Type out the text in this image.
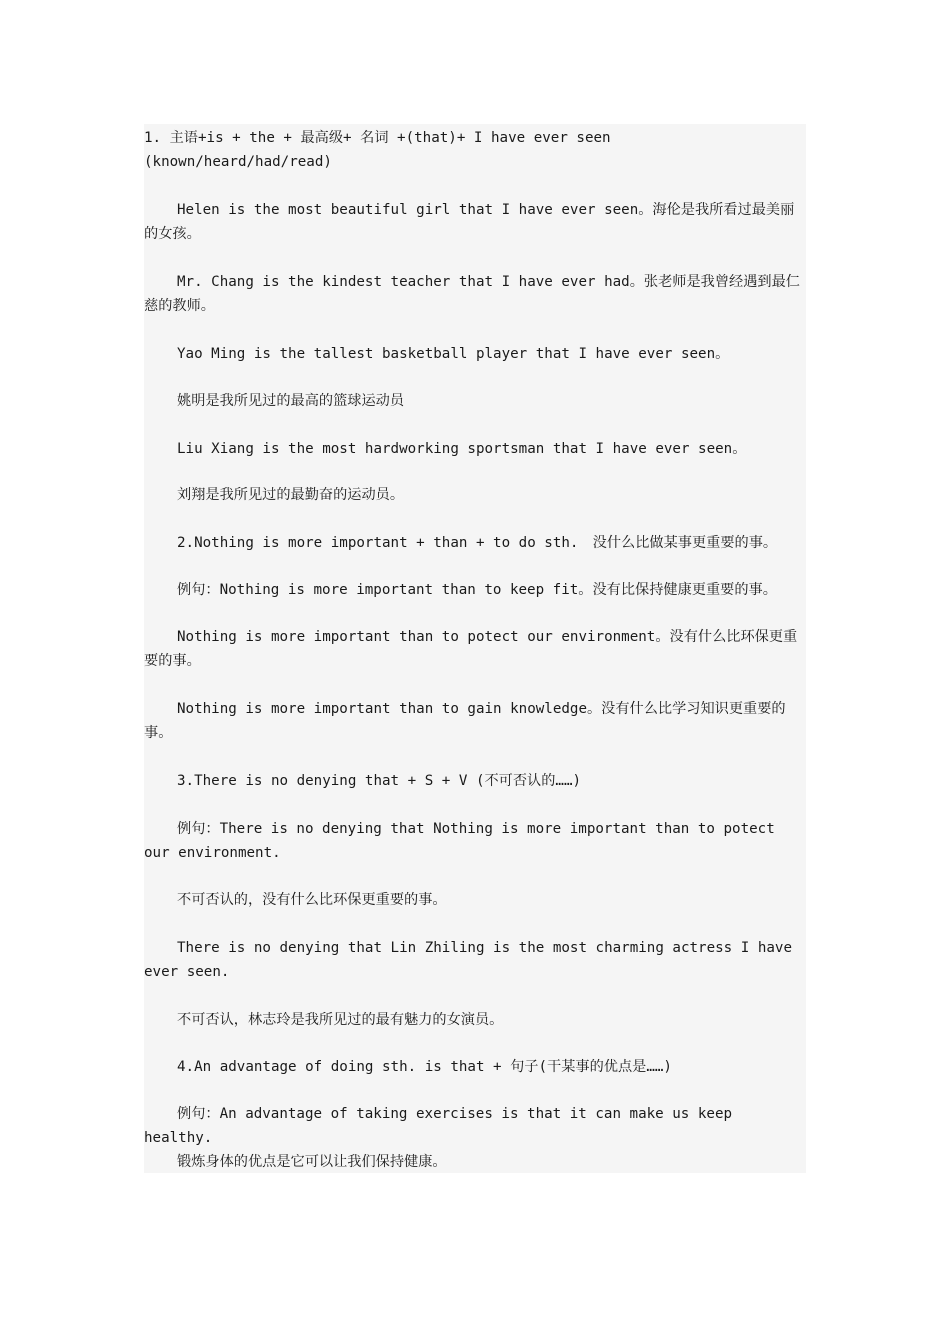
1. 主语+is + the + 最高级+ 名词 +(that)+ I have ever seen (known/heard/had/read)

Helen is the most beautiful girl that I have ever seen。海伦是我所看过最美丽的女孩。

Mr. Chang is the kindest teacher that I have ever had。张老师是我曾经遇到最仁慈的教师。

Yao Ming is the tallest basketball player that I have ever seen。

姚明是我所见过的最高的篮球运动员

Liu Xiang is the most hardworking sportsman that I have ever seen。

刘翔是我所见过的最勤奋的运动员。

2.Nothing is more important + than + to do sth.　没什么比做某事更重要的事。

例句：Nothing is more important than to keep fit。没有比保持健康更重要的事。

Nothing is more important than to potect our environment。没有什么比环保更重要的事。

Nothing is more important than to gain knowledge。没有什么比学习知识更重要的事。

3.There is no denying that + S + V (不可否认的……)

例句：There is no denying that Nothing is more important than to potect our environment.

不可否认的，没有什么比环保更重要的事。

There is no denying that Lin Zhiling is the most charming actress I have ever seen.

不可否认，林志玲是我所见过的最有魅力的女演员。

4.An advantage of doing sth. is that + 句子(干某事的优点是……)

例句：An advantage of taking exercises is that it can make us keep healthy.

锻炼身体的优点是它可以让我们保持健康。
